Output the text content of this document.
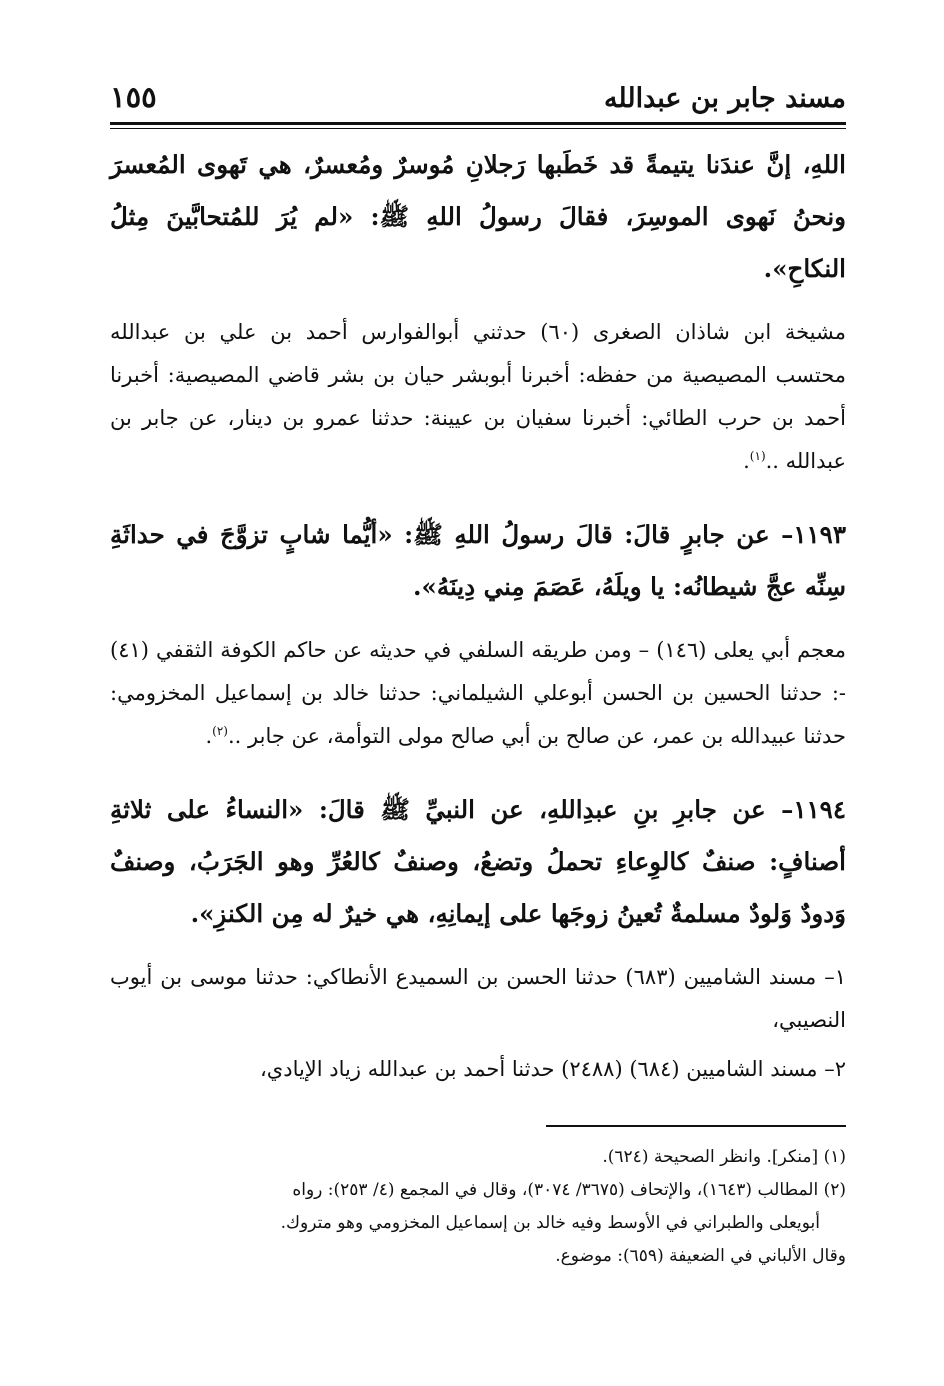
مسند جابر بن عبدالله
١٥٥

اللهِ، إنَّ عندَنا يتيمةً قد خَطَبها رَجلانِ مُوسرٌ ومُعسرٌ، هي تَهوى المُعسرَ ونحنُ نَهوى الموسِرَ، فقالَ رسولُ اللهِ ﷺ: «لم يُرَ للمُتحابَّينَ مِثلُ النكاحِ».

مشيخة ابن شاذان الصغرى (٦٠) حدثني أبوالفوارس أحمد بن علي بن عبدالله محتسب المصيصية من حفظه: أخبرنا أبوبشر حيان بن بشر قاضي المصيصية: أخبرنا أحمد بن حرب الطائي: أخبرنا سفيان بن عيينة: حدثنا عمرو بن دينار، عن جابر بن عبدالله ..$^{(١)}$.

١١٩٣– عن جابرٍ قالَ: قالَ رسولُ اللهِ ﷺ: «أيُّما شابٍ تزوَّجَ في حداثَةِ سِنِّه عجَّ شيطانُه: يا ويلَهُ، عَصَمَ مِني دِينَهُ».

معجم أبي يعلى (١٤٦) – ومن طريقه السلفي في حديثه عن حاكم الكوفة الثقفي (٤١) -: حدثنا الحسين بن الحسن أبوعلي الشيلماني: حدثنا خالد بن إسماعيل المخزومي: حدثنا عبيدالله بن عمر، عن صالح بن أبي صالح مولى التوأمة، عن جابر ..$^{(٢)}$.

١١٩٤– عن جابرِ بنِ عبدِاللهِ، عن النبيِّ ﷺ قالَ: «النساءُ على ثلاثةِ أصنافٍ: صنفٌ كالوِعاءِ تحملُ وتضعُ، وصنفٌ كالعُرِّ وهو الجَرَبُ، وصنفٌ وَدودٌ وَلودٌ مسلمةٌ تُعينُ زوجَها على إيمانِهِ، هي خيرٌ له مِن الكنزِ».

١– مسند الشاميين (٦٨٣) حدثنا الحسن بن السميدع الأنطاكي: حدثنا موسى بن أيوب النصيبي،

٢– مسند الشاميين (٦٨٤) (٢٤٨٨) حدثنا أحمد بن عبدالله زياد الإيادي،

(١) [منكر]. وانظر الصحيحة (٦٢٤).

(٢) المطالب (١٦٤٣)، والإتحاف (٣٦٧٥/ ٣٠٧٤)، وقال في المجمع (٤/ ٢٥٣): رواه

أبويعلى والطبراني في الأوسط وفيه خالد بن إسماعيل المخزومي وهو متروك.

وقال الألباني في الضعيفة (٦٥٩): موضوع.
